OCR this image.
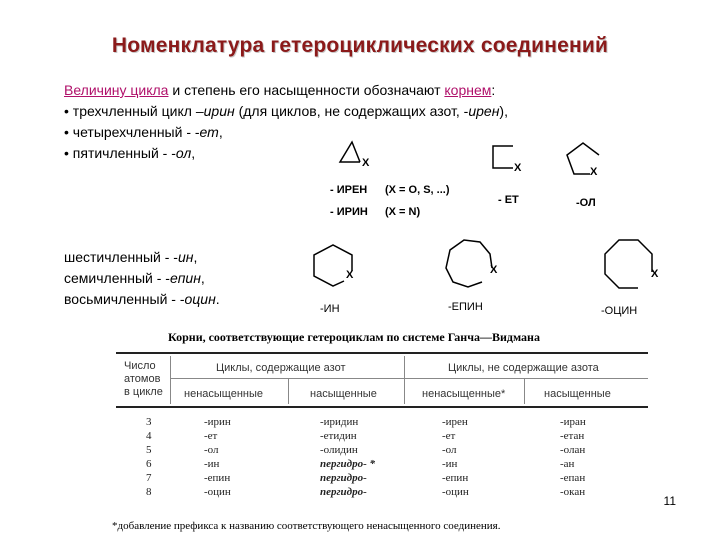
Номенклатура гетероциклических соединений

Величину цикла и степень его насыщенности обозначают корнем:

• трехчленный цикл –ирин (для циклов, не содержащих азот, -ирен),

• четырехчленный - -ет,

• пятичленный - -ол,

X
- ИРЕН (X = O, S, ...)
- ИРИН (X = N)
X
- ЕТ
X
-ОЛ

шестичленный - -ин,

семичленный - -епин,

восьмичленный - -оцин.

X
-ИН
X
-ЕПИН
X
-ОЦИН
Корни, соответствующие гетероциклам по системе Ганча—Видмана
Число
атомов
в цикле
Циклы, содержащие азот	Циклы, не содержащие азота
ненасыщенные	насыщенные	ненасыщенные*	насыщенные
3	-ирин	-иридин	-ирен	-иран
4	-ет	-етидин	-ет	-етан
5	-ол	-олидин	-ол	-олан
6	-ин	пергидро- *	-ин	-ан
7	-епин	пергидро-	-епин	-епан
8	-оцин	пергидро-	-оцин	-окан
11
*добавление префикса к названию соответствующего ненасыщенного соединения.
